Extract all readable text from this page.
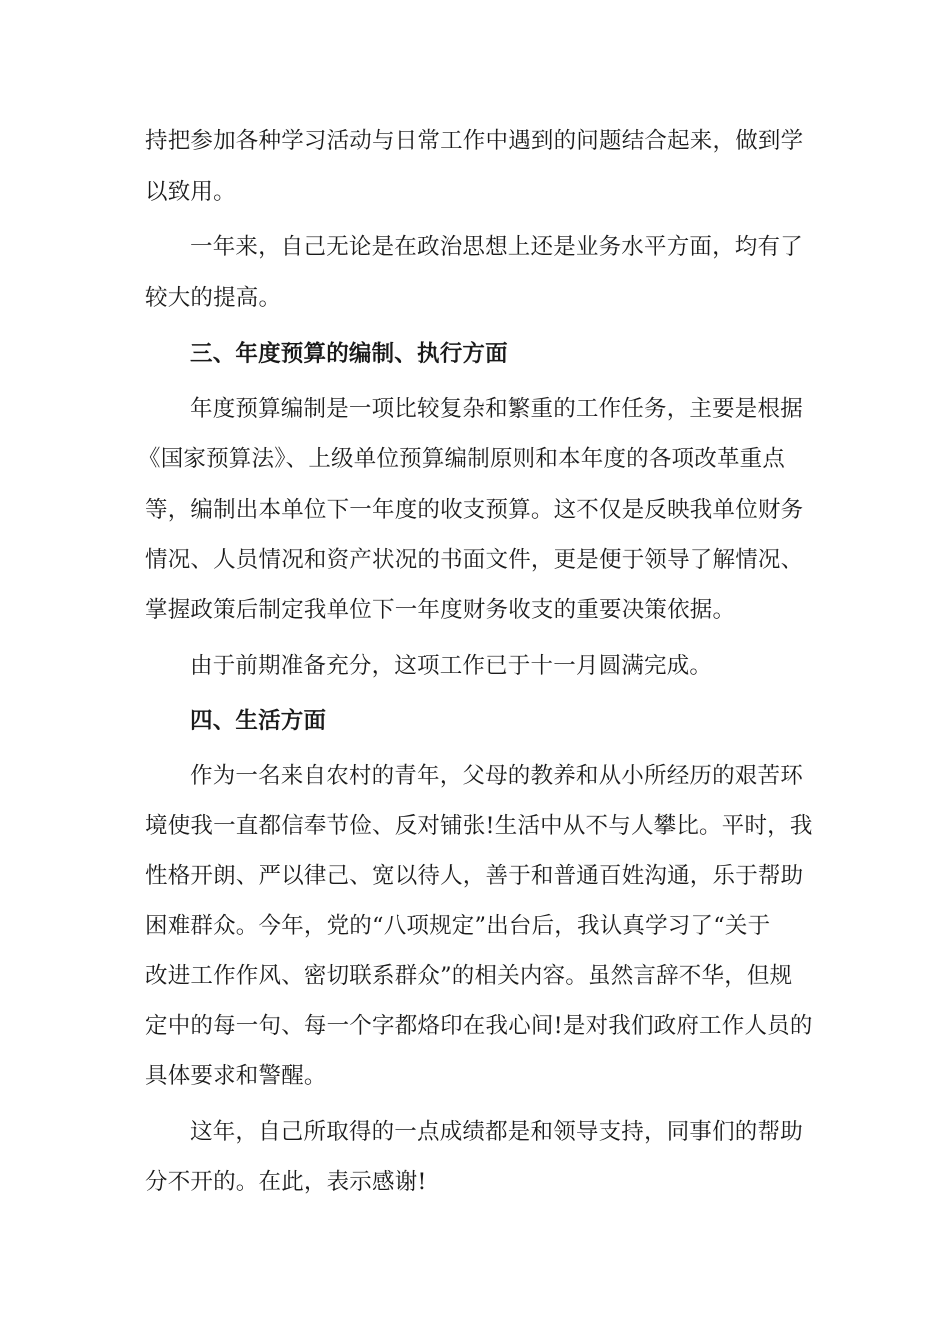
持把参加各种学习活动与日常工作中遇到的问题结合起来，做到学
以致用。
一年来，自己无论是在政治思想上还是业务水平方面，均有了
较大的提高。
三、年度预算的编制、执行方面
年度预算编制是一项比较复杂和繁重的工作任务，主要是根据
《国家预算法》、上级单位预算编制原则和本年度的各项改革重点
等，编制出本单位下一年度的收支预算。这不仅是反映我单位财务
情况、人员情况和资产状况的书面文件，更是便于领导了解情况、
掌握政策后制定我单位下一年度财务收支的重要决策依据。
由于前期准备充分，这项工作已于十一月圆满完成。
四、生活方面
作为一名来自农村的青年，父母的教养和从小所经历的艰苦环
境使我一直都信奉节俭、反对铺张!生活中从不与人攀比。平时，我
性格开朗、严以律己、宽以待人，善于和普通百姓沟通，乐于帮助
困难群众。今年，党的“八项规定”出台后，我认真学习了“关于
改进工作作风、密切联系群众”的相关内容。虽然言辞不华，但规
定中的每一句、每一个字都烙印在我心间!是对我们政府工作人员的
具体要求和警醒。
这年，自己所取得的一点成绩都是和领导支持，同事们的帮助
分不开的。在此，表示感谢!
